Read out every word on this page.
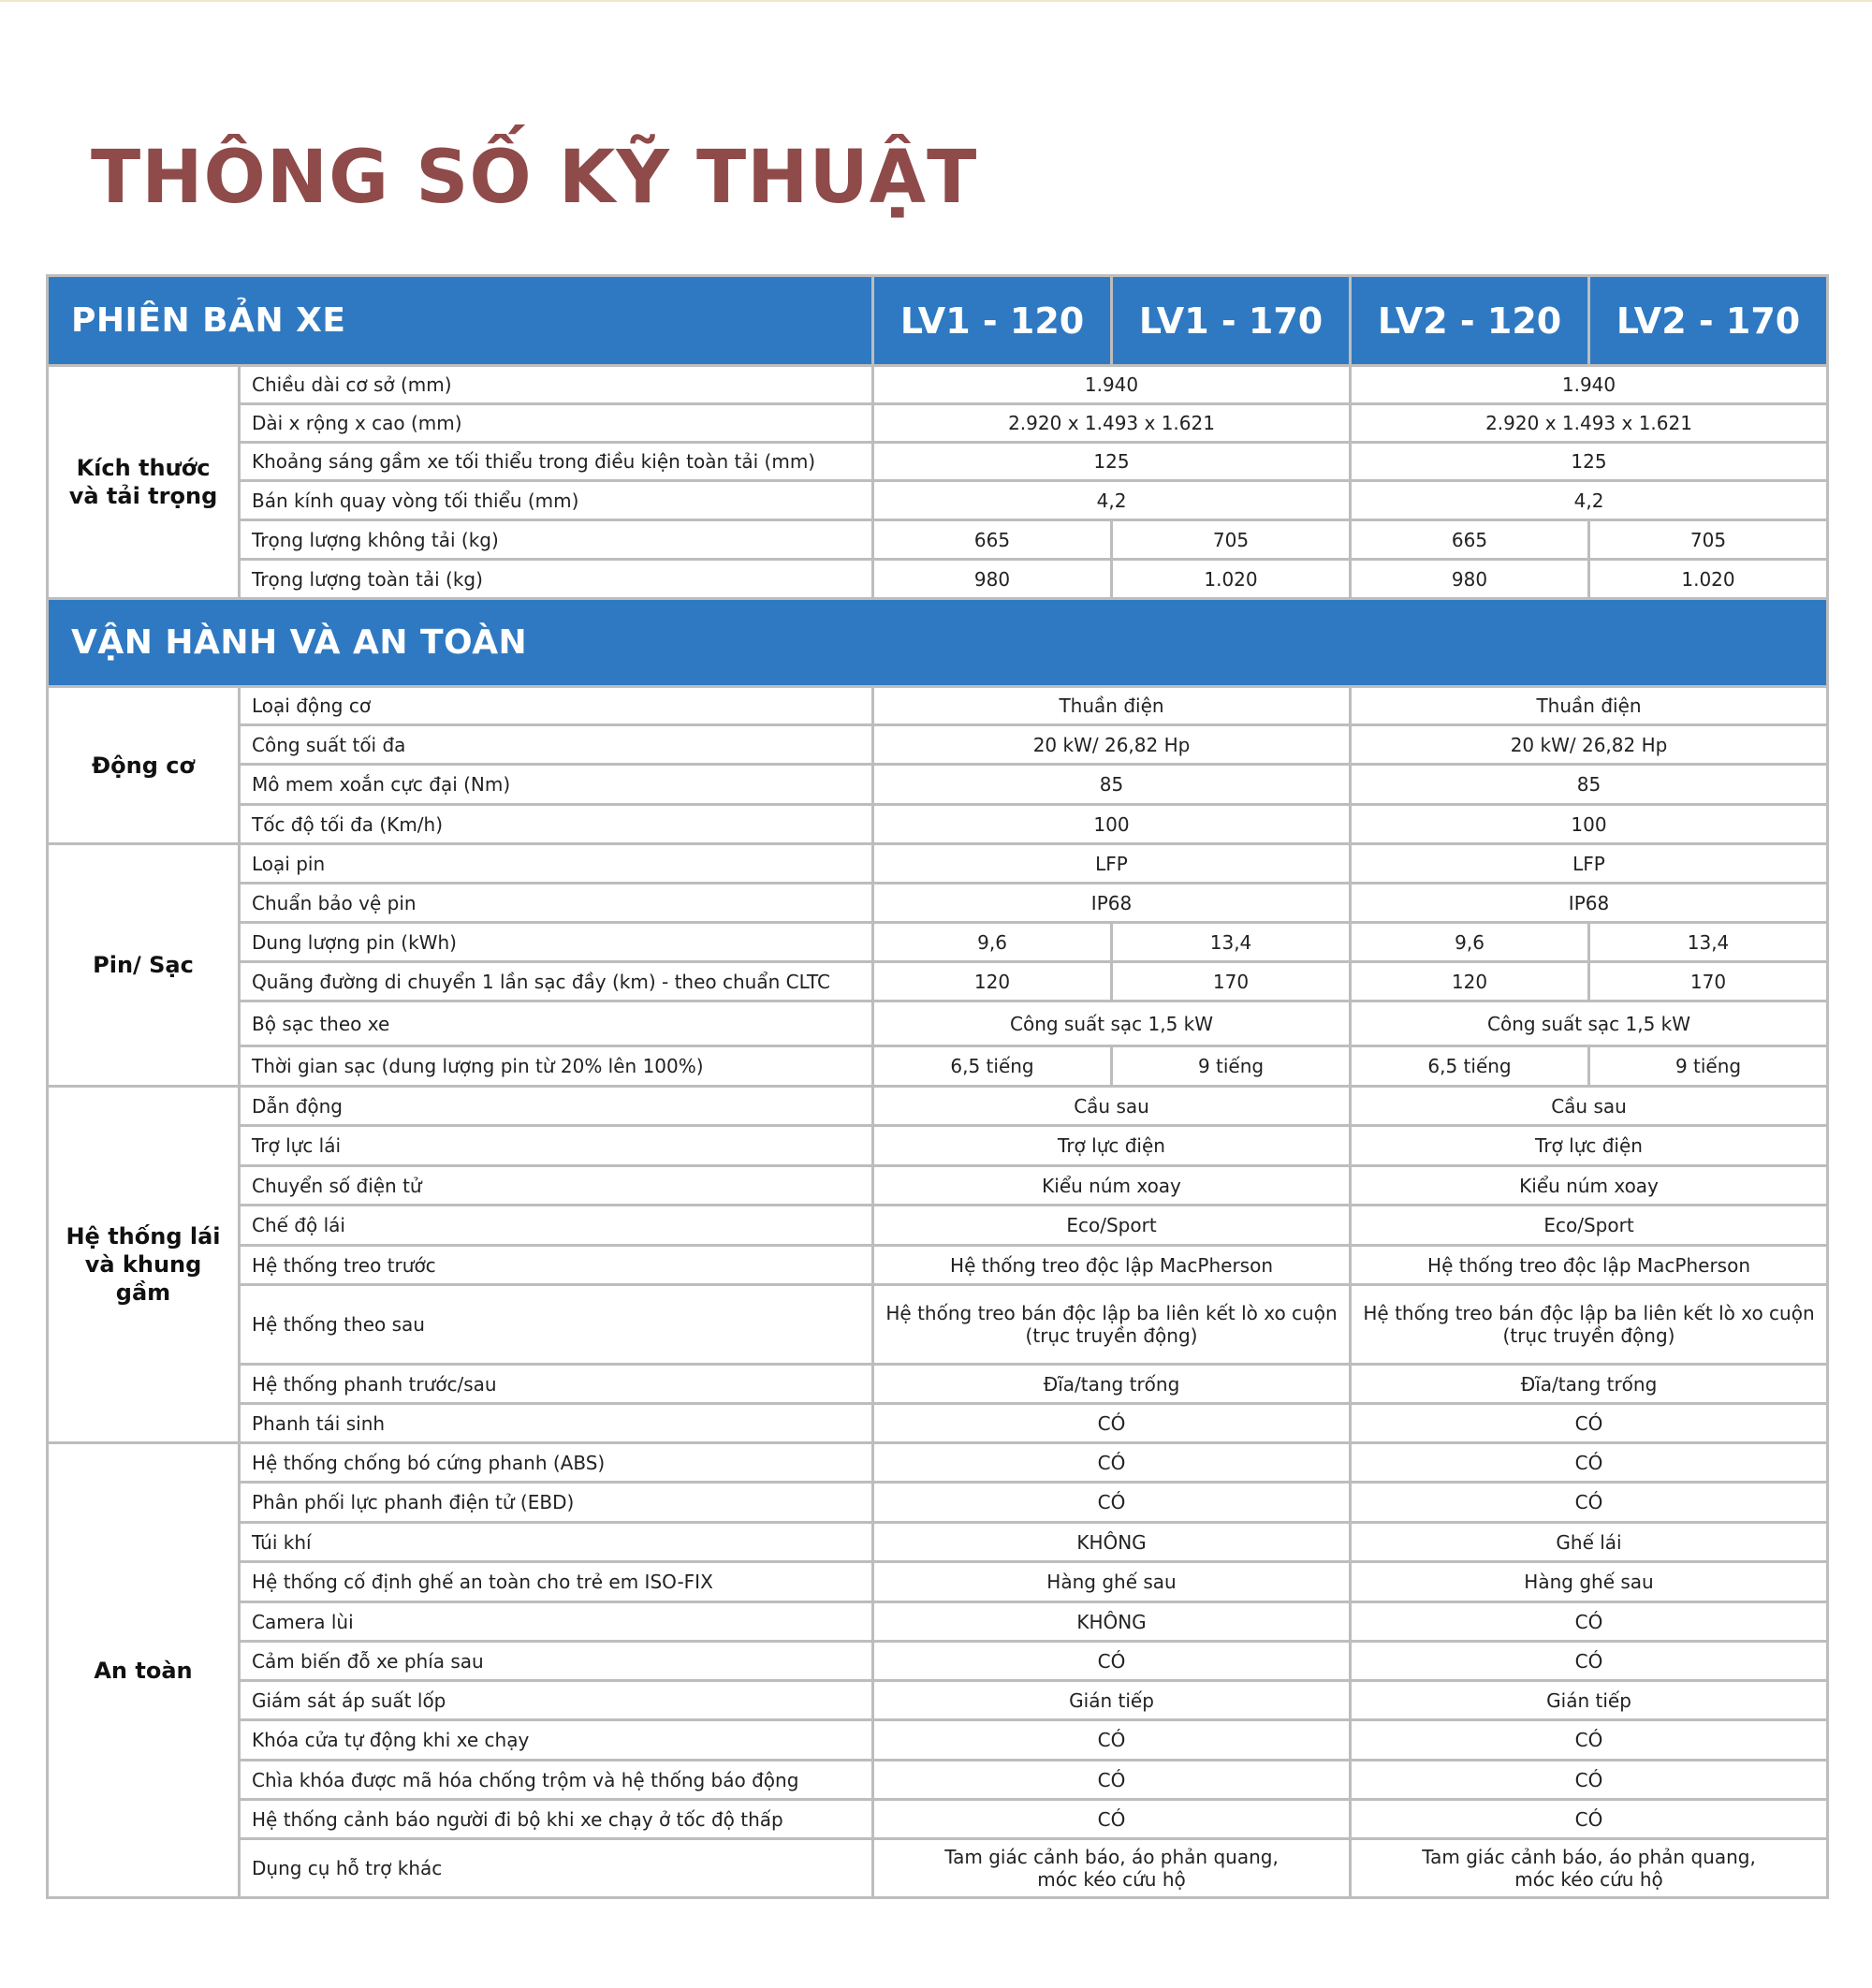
THÔNG SỐ KỸ THUẬT
PHIÊN BẢN XE		LV1 - 120	LV1 - 170	LV2 - 120	LV2 - 170
Kích thước
và tải trọng	Chiều dài cơ sở (mm)	1.940		1.940	
	Dài x rộng x cao (mm)	2.920 x 1.493 x 1.621		2.920 x 1.493 x 1.621	
	Khoảng sáng gầm xe tối thiểu trong điều kiện toàn tải (mm)	125		125	
	Bán kính quay vòng tối thiểu (mm)	4,2		4,2	
	Trọng lượng không tải (kg)	665	705	665	705
	Trọng lượng toàn tải (kg)	980	1.020	980	1.020
VẬN HÀNH VÀ AN TOÀN					
Động cơ	Loại động cơ	Thuần điện		Thuần điện	
	Công suất tối đa	20 kW/ 26,82 Hp		20 kW/ 26,82 Hp	
	Mô mem xoắn cực đại (Nm)	85		85	
	Tốc độ tối đa (Km/h)	100		100	
Pin/ Sạc	Loại pin	LFP		LFP	
	Chuẩn bảo vệ pin	IP68		IP68	
	Dung lượng pin (kWh)	9,6	13,4	9,6	13,4
	Quãng đường di chuyển 1 lần sạc đầy (km) - theo chuẩn CLTC	120	170	120	170
	Bộ sạc theo xe	Công suất sạc 1,5 kW		Công suất sạc 1,5 kW	
	Thời gian sạc (dung lượng pin từ 20% lên 100%)	6,5 tiếng	9 tiếng	6,5 tiếng	9 tiếng
Hệ thống lái
và khung gầm	Dẫn động	Cầu sau		Cầu sau	
	Trợ lực lái	Trợ lực điện		Trợ lực điện	
	Chuyển số điện tử	Kiểu núm xoay		Kiểu núm xoay	
	Chế độ lái	Eco/Sport		Eco/Sport	
	Hệ thống treo trước	Hệ thống treo độc lập MacPherson		Hệ thống treo độc lập MacPherson	
	Hệ thống theo sau	Hệ thống treo bán độc lập ba liên kết lò xo cuộn
(trục truyền động)		Hệ thống treo bán độc lập ba liên kết lò xo cuộn
(trục truyền động)	
	Hệ thống phanh trước/sau	Đĩa/tang trống		Đĩa/tang trống	
	Phanh tái sinh	CÓ		CÓ	
An toàn	Hệ thống chống bó cứng phanh (ABS)	CÓ		CÓ	
	Phân phối lực phanh điện tử (EBD)	CÓ		CÓ	
	Túi khí	KHÔNG		Ghế lái	
	Hệ thống cố định ghế an toàn cho trẻ em ISO-FIX	Hàng ghế sau		Hàng ghế sau	
	Camera lùi	KHÔNG		CÓ	
	Cảm biến đỗ xe phía sau	CÓ		CÓ	
	Giám sát áp suất lốp	Gián tiếp		Gián tiếp	
	Khóa cửa tự động khi xe chạy	CÓ		CÓ	
	Chìa khóa được mã hóa chống trộm và hệ thống báo động	CÓ		CÓ	
	Hệ thống cảnh báo người đi bộ khi xe chạy ở tốc độ thấp	CÓ		CÓ	
	Dụng cụ hỗ trợ khác	Tam giác cảnh báo, áo phản quang,
móc kéo cứu hộ		Tam giác cảnh báo, áo phản quang,
móc kéo cứu hộ	
